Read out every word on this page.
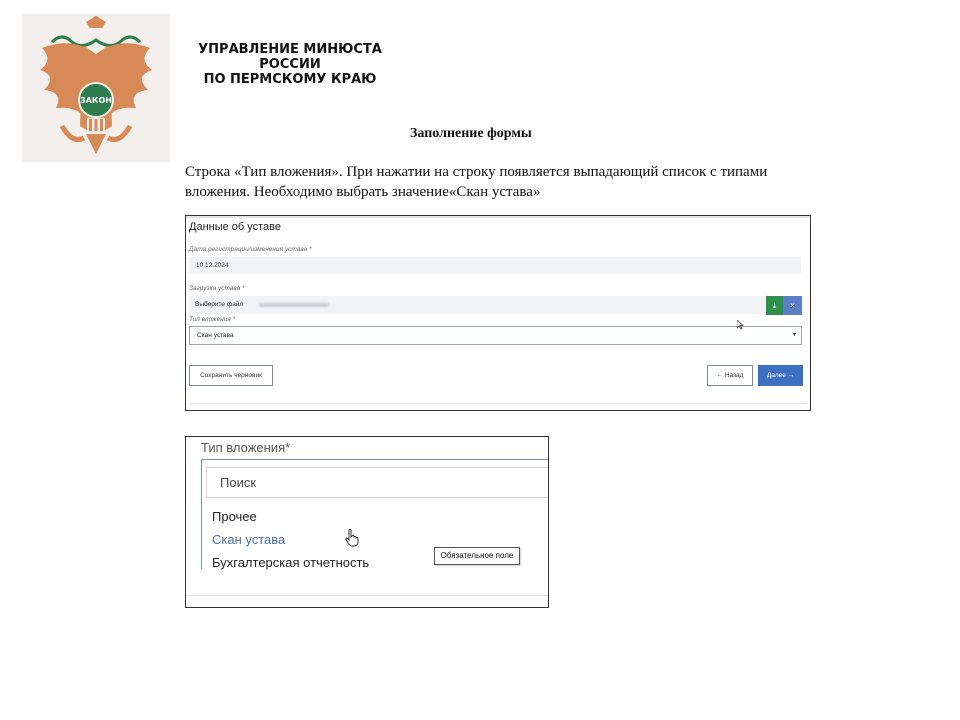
ЗАКОН
УПРАВЛЕНИЕ МИНЮСТА
РОССИИ
ПО ПЕРМСКОМУ КРАЮ
Заполнение формы
Строка «Тип вложения». При нажатии на строку появляется выпадающий список с типами вложения. Необходимо выбрать значение«Скан устава»
Данные об уставе
Дата регистрации/изменения устава *
10.12.2024
Загрузка устава *
Выберите файл	⤓	×
Тип вложения *
Скан устава	▾
Сохранить черновик	← Назад	Далее →
Тип вложения*
Поиск
Прочее
Скан устава
Бухгалтерская отчетность	Обязательное поле
